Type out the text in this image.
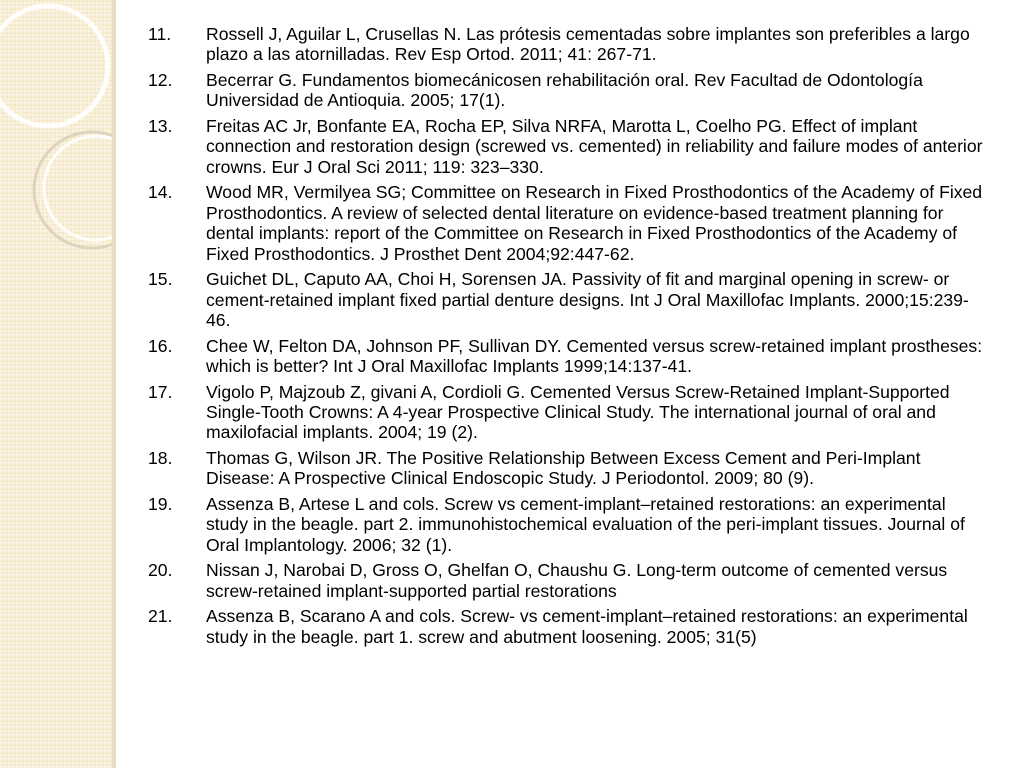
11. Rossell J, Aguilar L, Crusellas N. Las prótesis cementadas sobre implantes son preferibles a largo plazo a las atornilladas. Rev Esp Ortod. 2011; 41: 267-71.
12. Becerrar G. Fundamentos biomecánicosen rehabilitación oral. Rev Facultad de Odontología Universidad de Antioquia. 2005; 17(1).
13. Freitas AC Jr, Bonfante EA, Rocha EP, Silva NRFA, Marotta L, Coelho PG. Effect of implant connection and restoration design (screwed vs. cemented) in reliability and failure modes of anterior crowns. Eur J Oral Sci 2011; 119: 323–330.
14. Wood MR, Vermilyea SG; Committee on Research in Fixed Prosthodontics of the Academy of Fixed Prosthodontics. A review of selected dental literature on evidence-based treatment planning for dental implants: report of the Committee on Research in Fixed Prosthodontics of the Academy of Fixed Prosthodontics. J Prosthet Dent 2004;92:447-62.
15. Guichet DL, Caputo AA, Choi H, Sorensen JA. Passivity of fit and marginal opening in screw- or cement-retained implant fixed partial denture designs. Int J Oral Maxillofac Implants. 2000;15:239-46.
16. Chee W, Felton DA, Johnson PF, Sullivan DY. Cemented versus screw-retained implant prostheses: which is better? Int J Oral Maxillofac Implants 1999;14:137-41.
17. Vigolo P, Majzoub Z, givani A, Cordioli G. Cemented Versus Screw-Retained Implant-Supported Single-Tooth Crowns: A 4-year Prospective Clinical Study. The international journal of oral and maxilofacial implants. 2004; 19 (2).
18. Thomas G, Wilson JR. The Positive Relationship Between Excess Cement and Peri-Implant Disease: A Prospective Clinical Endoscopic Study. J Periodontol. 2009; 80 (9).
19. Assenza B, Artese L and cols. Screw vs cement-implant–retained restorations: an experimental study in the beagle. part 2. immunohistochemical evaluation of the peri-implant tissues. Journal of Oral Implantology. 2006; 32 (1).
20. Nissan J, Narobai D, Gross O, Ghelfan O, Chaushu G. Long-term outcome of cemented versus screw-retained implant-supported partial restorations
21. Assenza B, Scarano A and cols. Screw- vs cement-implant–retained restorations: an experimental study in the beagle. part 1. screw and abutment loosening. 2005; 31(5)
